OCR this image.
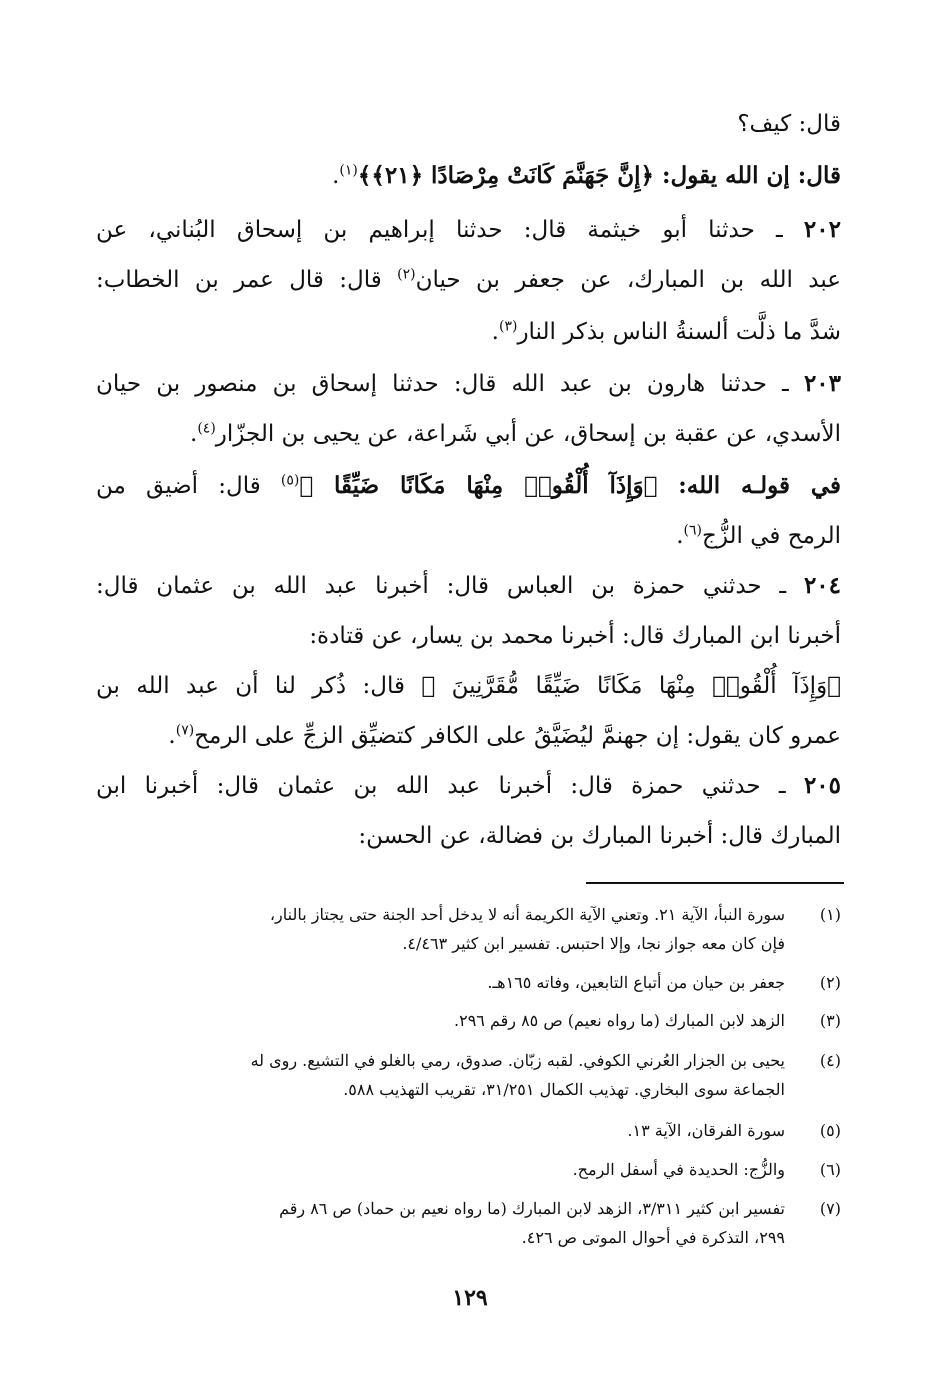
قال: كيف؟
قال: إن الله يقول: ﴿إِنَّ جَهَنَّمَ كَانَتْ مِرْصَادًا ﴿٢١﴾﴾$^{(١)}$.
٢٠٢ ـ حدثنا أبو خيثمة قال: حدثنا إبراهيم بن إسحاق البُناني، عن
عبد الله بن المبارك، عن جعفر بن حيان$^{(٢)}$ قال: قال عمر بن الخطاب:
شدَّ ما ذلَّت ألسنةُ الناس بذكر النار$^{(٣)}$.
٢٠٣ ـ حدثنا هارون بن عبد الله قال: حدثنا إسحاق بن منصور بن حيان
الأسدي، عن عقبة بن إسحاق، عن أبي شَراعة، عن يحيى بن الجزّار$^{(٤)}$.
في قولـه الله: ﴿وَإِذَآ أُلْقُوا۟ مِنْهَا مَكَانًا ضَيِّقًا ﴾$^{(٥)}$ قال: أضيق من
الرمح في الزُّج$^{(٦)}$.
٢٠٤ ـ حدثني حمزة بن العباس قال: أخبرنا عبد الله بن عثمان قال:
أخبرنا ابن المبارك قال: أخبرنا محمد بن يسار، عن قتادة:
﴿وَإِذَآ أُلْقُوا۟ مِنْهَا مَكَانًا ضَيِّقًا مُّقَرَّنِينَ ﴾ قال: ذُكر لنا أن عبد الله بن
عمرو كان يقول: إن جهنمَّ ليُضَيَّقُ على الكافر كتضيِّق الزجِّ على الرمح$^{(٧)}$.
٢٠٥ ـ حدثني حمزة قال: أخبرنا عبد الله بن عثمان قال: أخبرنا ابن
المبارك قال: أخبرنا المبارك بن فضالة، عن الحسن:
(١)
سورة النبأ، الآية ٢١. وتعني الآية الكريمة أنه لا يدخل أحد الجنة حتى يجتاز بالنار،
فإن كان معه جواز نجا، وإلا احتبس. تفسير ابن كثير ٤/٤٦٣.
(٢)
جعفر بن حيان من أتباع التابعين، وفاته ١٦٥هـ.
(٣)
الزهد لابن المبارك (ما رواه نعيم) ص ٨٥ رقم ٢٩٦.
(٤)
يحيى بن الجزار العُرني الكوفي. لقبه زبّان. صدوق، رمي بالغلو في التشيع. روى له
الجماعة سوى البخاري. تهذيب الكمال ٣١/٢٥١، تقريب التهذيب ٥٨٨.
(٥)
سورة الفرقان، الآية ١٣.
(٦)
والزُّج: الحديدة في أسفل الرمح.
(٧)
تفسير ابن كثير ٣/٣١١، الزهد لابن المبارك (ما رواه نعيم بن حماد) ص ٨٦ رقم
٢٩٩، التذكرة في أحوال الموتى ص ٤٢٦.
١٢٩
